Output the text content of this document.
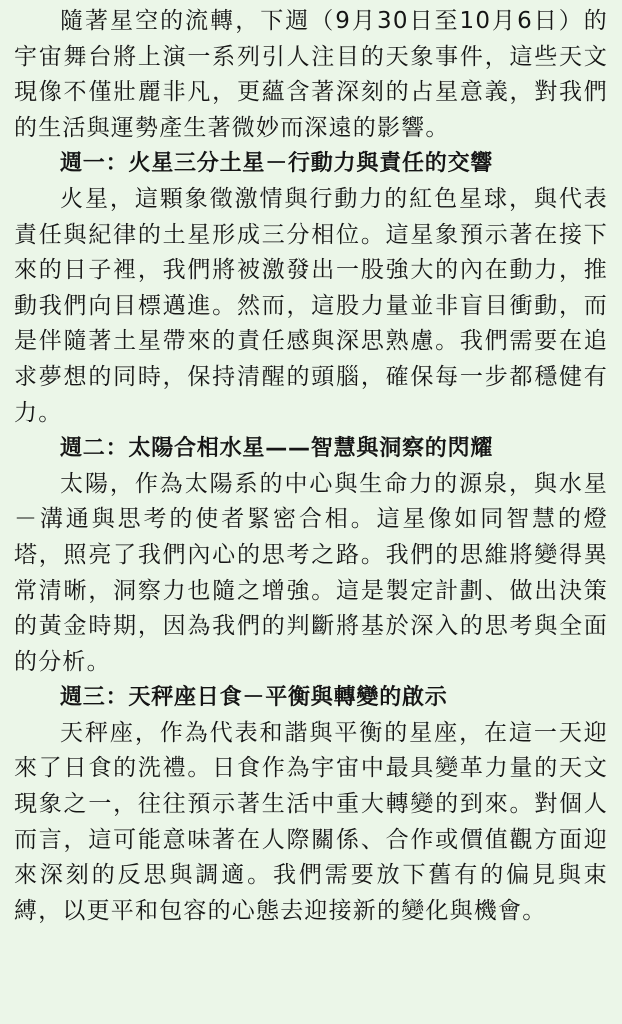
隨著星空的流轉，下週（9月30日至10月6日）的宇宙舞台將上演一系列引人注目的天象事件，這些天文現像不僅壯麗非凡，更蘊含著深刻的占星意義，對我們的生活與運勢產生著微妙而深遠的影響。

週一：火星三分土星－行動力與責任的交響

火星，這顆象徵激情與行動力的紅色星球，與代表責任與紀律的土星形成三分相位。這星象預示著在接下來的日子裡，我們將被激發出一股強大的內在動力，推動我們向目標邁進。然而，這股力量並非盲目衝動，而是伴隨著土星帶來的責任感與深思熟慮。我們需要在追求夢想的同時，保持清醒的頭腦，確保每一步都穩健有力。

週二：太陽合相水星——智慧與洞察的閃耀

太陽，作為太陽系的中心與生命力的源泉，與水星－溝通與思考的使者緊密合相。這星像如同智慧的燈塔，照亮了我們內心的思考之路。我們的思維將變得異常清晰，洞察力也隨之增強。這是製定計劃、做出決策的黃金時期，因為我們的判斷將基於深入的思考與全面的分析。

週三：天秤座日食－平衡與轉變的啟示

天秤座，作為代表和諧與平衡的星座，在這一天迎來了日食的洗禮。日食作為宇宙中最具變革力量的天文現象之一，往往預示著生活中重大轉變的到來。對個人而言，這可能意味著在人際關係、合作或價值觀方面迎來深刻的反思與調適。我們需要放下舊有的偏見與束縛，以更平和包容的心態去迎接新的變化與機會。
